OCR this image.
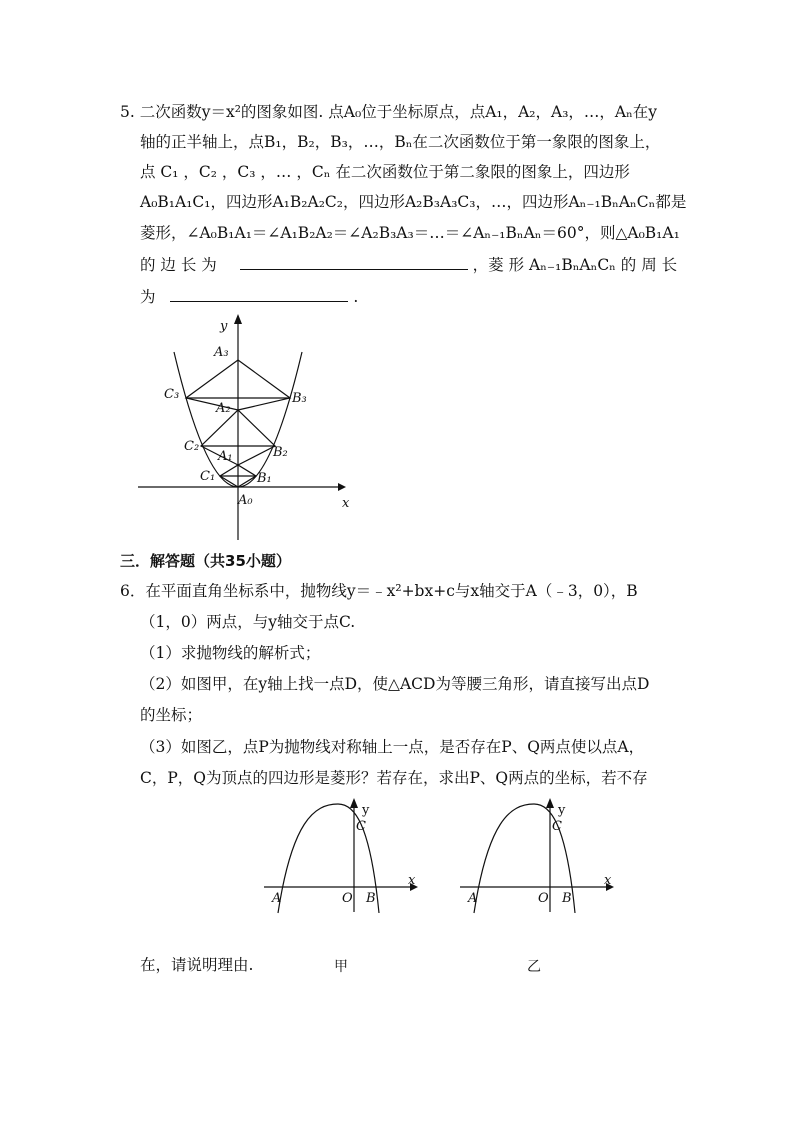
5. 二次函数y＝x²的图象如图. 点A₀位于坐标原点，点A₁，A₂，A₃，…，Aₙ在y
轴的正半轴上，点B₁，B₂，B₃，…，Bₙ在二次函数位于第一象限的图象上，
点 C₁ ，C₂ ，C₃ ，… ，Cₙ 在二次函数位于第二象限的图象上，四边形
A₀B₁A₁C₁，四边形A₁B₂A₂C₂，四边形A₂B₃A₃C₃，…，四边形Aₙ₋₁BₙAₙCₙ都是
菱形，∠A₀B₁A₁＝∠A₁B₂A₂＝∠A₂B₃A₃＝…＝∠Aₙ₋₁BₙAₙ＝60°，则△A₀B₁A₁
的 边 长 为	，菱 形 Aₙ₋₁BₙAₙCₙ 的 周 长
为	.
x
y
A₀
A₁
A₂
A₃
B₁
B₂
B₃
C₁
C₂
C₃
三．解答题（共35小题）
6．在平面直角坐标系中，抛物线y＝﹣x²+bx+c与x轴交于A（﹣3，0），B
（1，0）两点，与y轴交于点C.
（1）求抛物线的解析式；
（2）如图甲，在y轴上找一点D，使△ACD为等腰三角形，请直接写出点D
的坐标；
（3）如图乙，点P为抛物线对称轴上一点，是否存在P、Q两点使以点A，
C，P，Q为顶点的四边形是菱形？若存在，求出P、Q两点的坐标，若不存
在，请说明理由.
y
x
C
A	O B
y
x
C
A	O B
甲	乙
